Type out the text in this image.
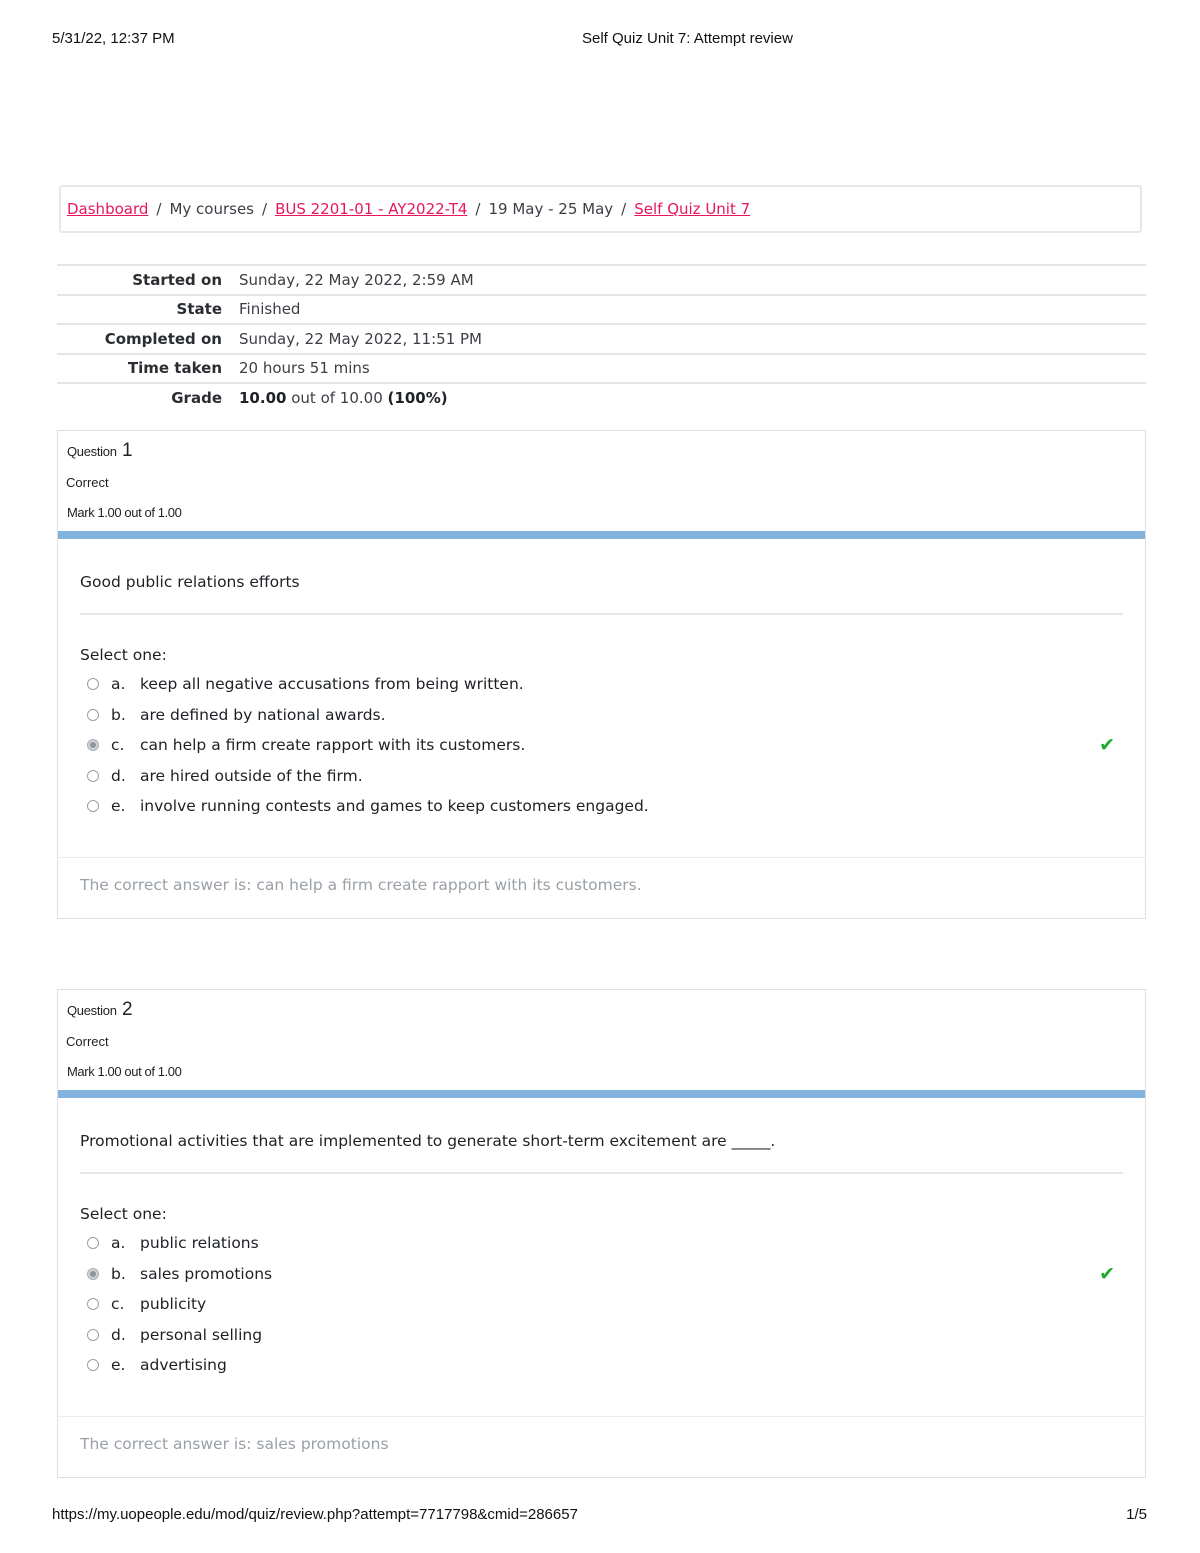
5/31/22, 12:37 PM	Self Quiz Unit 7: Attempt review
Dashboard / My courses / BUS 2201-01 - AY2022-T4 / 19 May - 25 May / Self Quiz Unit 7
Started on	Sunday, 22 May 2022, 2:59 AM
State	Finished
Completed on	Sunday, 22 May 2022, 11:51 PM
Time taken	20 hours 51 mins
Grade	10.00 out of 10.00 (100%)
Question 1
Correct
Mark 1.00 out of 1.00
Good public relations efforts
Select one:
a. keep all negative accusations from being written.
b. are defined by national awards.
c.	can help a firm create rapport with its customers.	✔
d. are hired outside of the firm.
e. involve running contests and games to keep customers engaged.
The correct answer is: can help a firm create rapport with its customers.
Question 2
Correct
Mark 1.00 out of 1.00
Promotional activities that are implemented to generate short-term excitement are _____.
Select one:
a. public relations
b. sales promotions	✔
c.	publicity
d. personal selling
e. advertising
The correct answer is: sales promotions
https://my.uopeople.edu/mod/quiz/review.php?attempt=7717798&cmid=286657	1/5
